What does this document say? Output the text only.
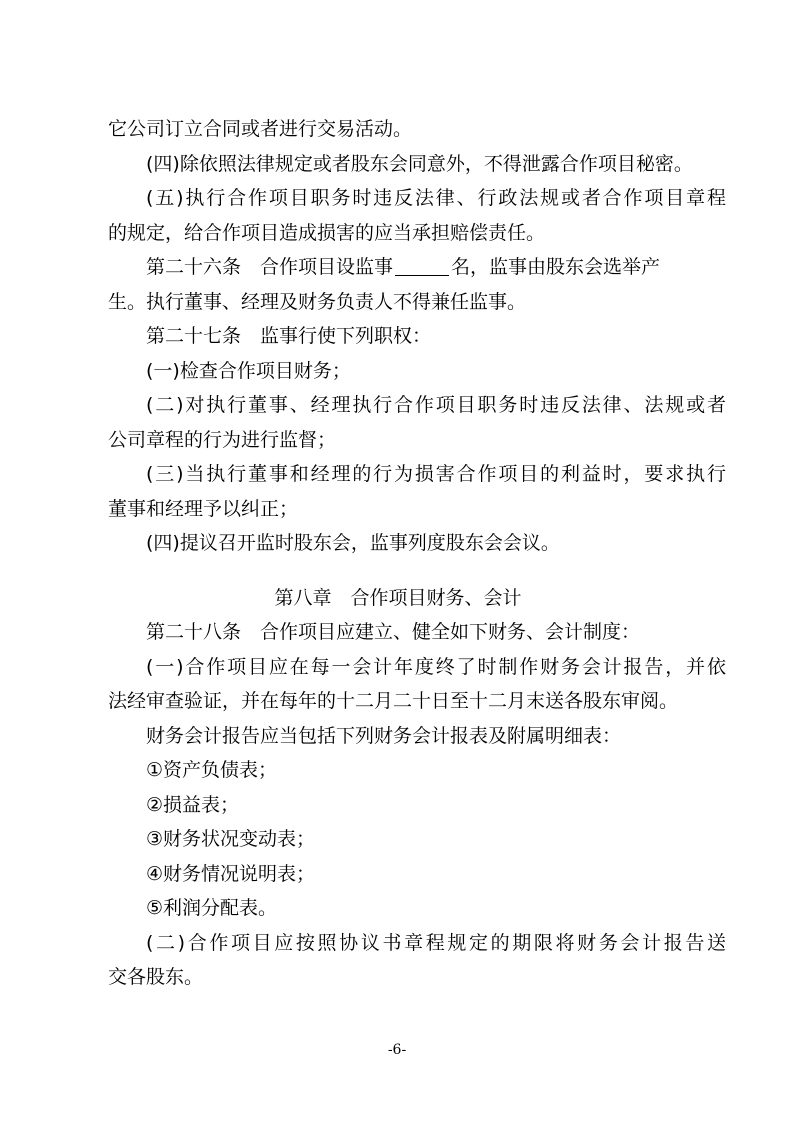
它公司订立合同或者进行交易活动。
(四)除依照法律规定或者股东会同意外，不得泄露合作项目秘密。
(五)执行合作项目职务时违反法律、行政法规或者合作项目章程
的规定，给合作项目造成损害的应当承担赔偿责任。
第二十六条　合作项目设监事	名，监事由股东会选举产
生。执行董事、经理及财务负责人不得兼任监事。
第二十七条　监事行使下列职权：
(一)检查合作项目财务；
(二)对执行董事、经理执行合作项目职务时违反法律、法规或者
公司章程的行为进行监督；
(三)当执行董事和经理的行为损害合作项目的利益时，要求执行
董事和经理予以纠正；
(四)提议召开监时股东会，监事列度股东会会议。
第八章　合作项目财务、会计
第二十八条　合作项目应建立、健全如下财务、会计制度：
(一)合作项目应在每一会计年度终了时制作财务会计报告，并依
法经审查验证，并在每年的十二月二十日至十二月末送各股东审阅。
财务会计报告应当包括下列财务会计报表及附属明细表：
①资产负债表；
②损益表；
③财务状况变动表；
④财务情况说明表；
⑤利润分配表。
(二)合作项目应按照协议书章程规定的期限将财务会计报告送
交各股东。
-6-
